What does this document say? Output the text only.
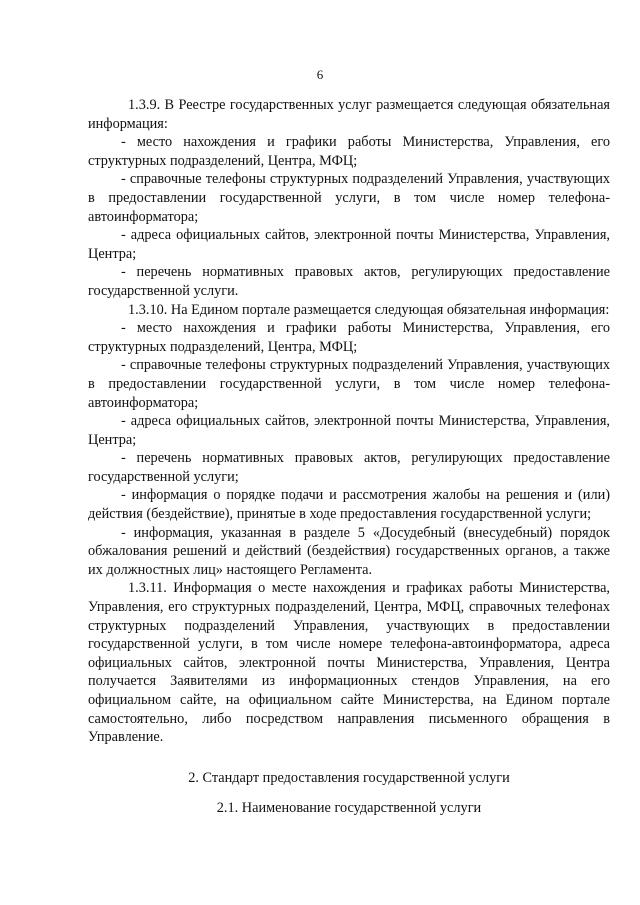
6

1.3.9. В Реестре государственных услуг размещается следующая обязательная информация:

- место нахождения и графики работы Министерства, Управления, его структурных подразделений, Центра, МФЦ;

- справочные телефоны структурных подразделений Управления, участвующих в предоставлении государственной услуги, в том числе номер телефона-автоинформатора;

- адреса официальных сайтов, электронной почты Министерства, Управления, Центра;

- перечень нормативных правовых актов, регулирующих предоставление государственной услуги.

1.3.10. На Едином портале размещается следующая обязательная информация:

- место нахождения и графики работы Министерства, Управления, его структурных подразделений, Центра, МФЦ;

- справочные телефоны структурных подразделений Управления, участвующих в предоставлении государственной услуги, в том числе номер телефона-автоинформатора;

- адреса официальных сайтов, электронной почты Министерства, Управления, Центра;

- перечень нормативных правовых актов, регулирующих предоставление государственной услуги;

- информация о порядке подачи и рассмотрения жалобы на решения и (или) действия (бездействие), принятые в ходе предоставления государственной услуги;

- информация, указанная в разделе 5 «Досудебный (внесудебный) порядок обжалования решений и действий (бездействия) государственных органов, а также их должностных лиц» настоящего Регламента.

1.3.11. Информация о месте нахождения и графиках работы Министерства, Управления, его структурных подразделений, Центра, МФЦ, справочных телефонах структурных подразделений Управления, участвующих в предоставлении государственной услуги, в том числе номере телефона-автоинформатора, адреса официальных сайтов, электронной почты Министерства, Управления, Центра получается Заявителями из информационных стендов Управления, на его официальном сайте, на официальном сайте Министерства, на Едином портале самостоятельно, либо посредством направления письменного обращения в Управление.

2. Стандарт предоставления государственной услуги

2.1. Наименование государственной услуги
